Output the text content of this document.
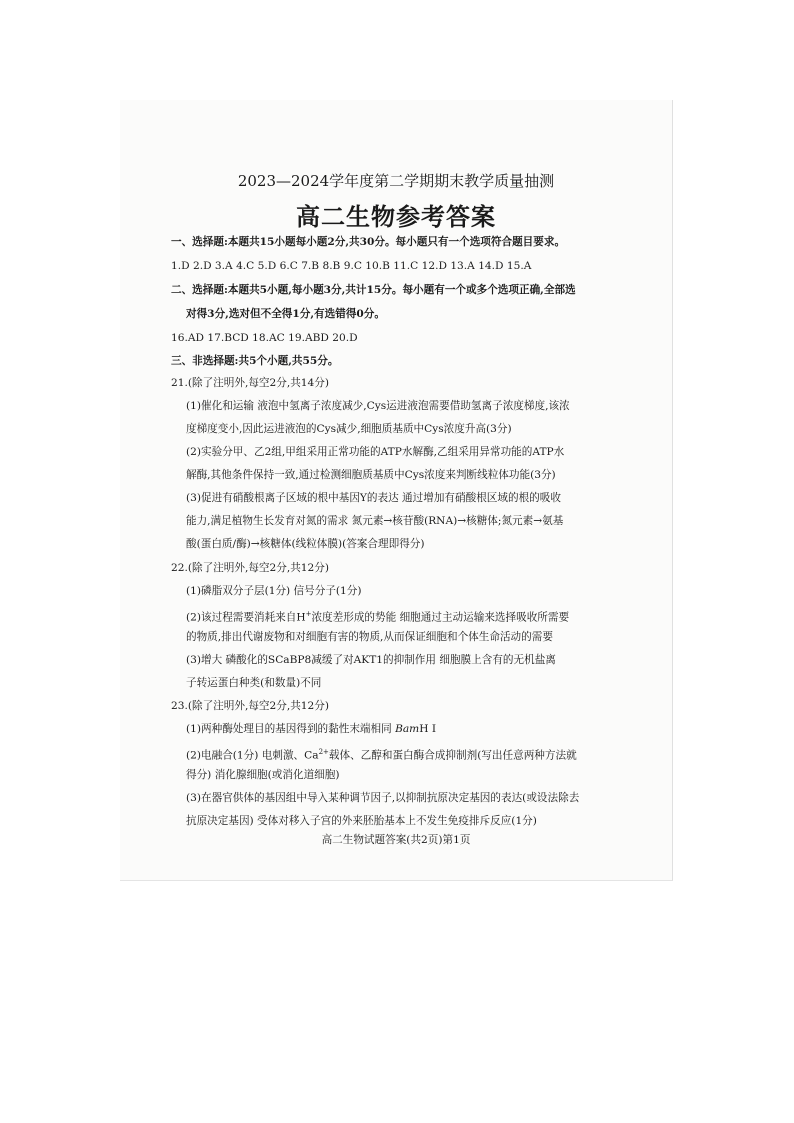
2023—2024学年度第二学期期末教学质量抽测
高二生物参考答案
一、选择题:本题共15小题每小题2分,共30分。每小题只有一个选项符合题目要求。
1.D 2.D 3.A 4.C 5.D 6.C 7.B 8.B 9.C 10.B 11.C 12.D 13.A 14.D 15.A
二、选择题:本题共5小题,每小题3分,共计15分。每小题有一个或多个选项正确,全部选
对得3分,选对但不全得1分,有选错得0分。
16.AD 17.BCD 18.AC 19.ABD 20.D
三、非选择题:共5个小题,共55分。
21.(除了注明外,每空2分,共14分)
(1)催化和运输 液泡中氢离子浓度减少,Cys运进液泡需要借助氢离子浓度梯度,该浓
度梯度变小,因此运进液泡的Cys减少,细胞质基质中Cys浓度升高(3分)
(2)实验分甲、乙2组,甲组采用正常功能的ATP水解酶,乙组采用异常功能的ATP水
解酶,其他条件保持一致,通过检测细胞质基质中Cys浓度来判断线粒体功能(3分)
(3)促进有硝酸根离子区域的根中基因Y的表达 通过增加有硝酸根区域的根的吸收
能力,满足植物生长发育对氮的需求 氮元素→核苷酸(RNA)→核糖体;氮元素→氨基
酸(蛋白质/酶)→核糖体(线粒体膜)(答案合理即得分)
22.(除了注明外,每空2分,共12分)
(1)磷脂双分子层(1分) 信号分子(1分)
(2)该过程需要消耗来自H+浓度差形成的势能 细胞通过主动运输来选择吸收所需要
的物质,排出代谢废物和对细胞有害的物质,从而保证细胞和个体生命活动的需要
(3)增大 磷酸化的SCaBP8减缓了对AKT1的抑制作用 细胞膜上含有的无机盐离
子转运蛋白种类(和数量)不同
23.(除了注明外,每空2分,共12分)
(1)两种酶处理目的基因得到的黏性末端相同 BamH Ⅰ
(2)电融合(1分) 电刺激、$Ca^{2+}$载体、乙醇和蛋白酶合成抑制剂(写出任意两种方法就
得分) 消化腺细胞(或消化道细胞)
(3)在器官供体的基因组中导入某种调节因子,以抑制抗原决定基因的表达(或设法除去
抗原决定基因) 受体对移入子宫的外来胚胎基本上不发生免疫排斥反应(1分)
高二生物试题答案(共2页)第1页
